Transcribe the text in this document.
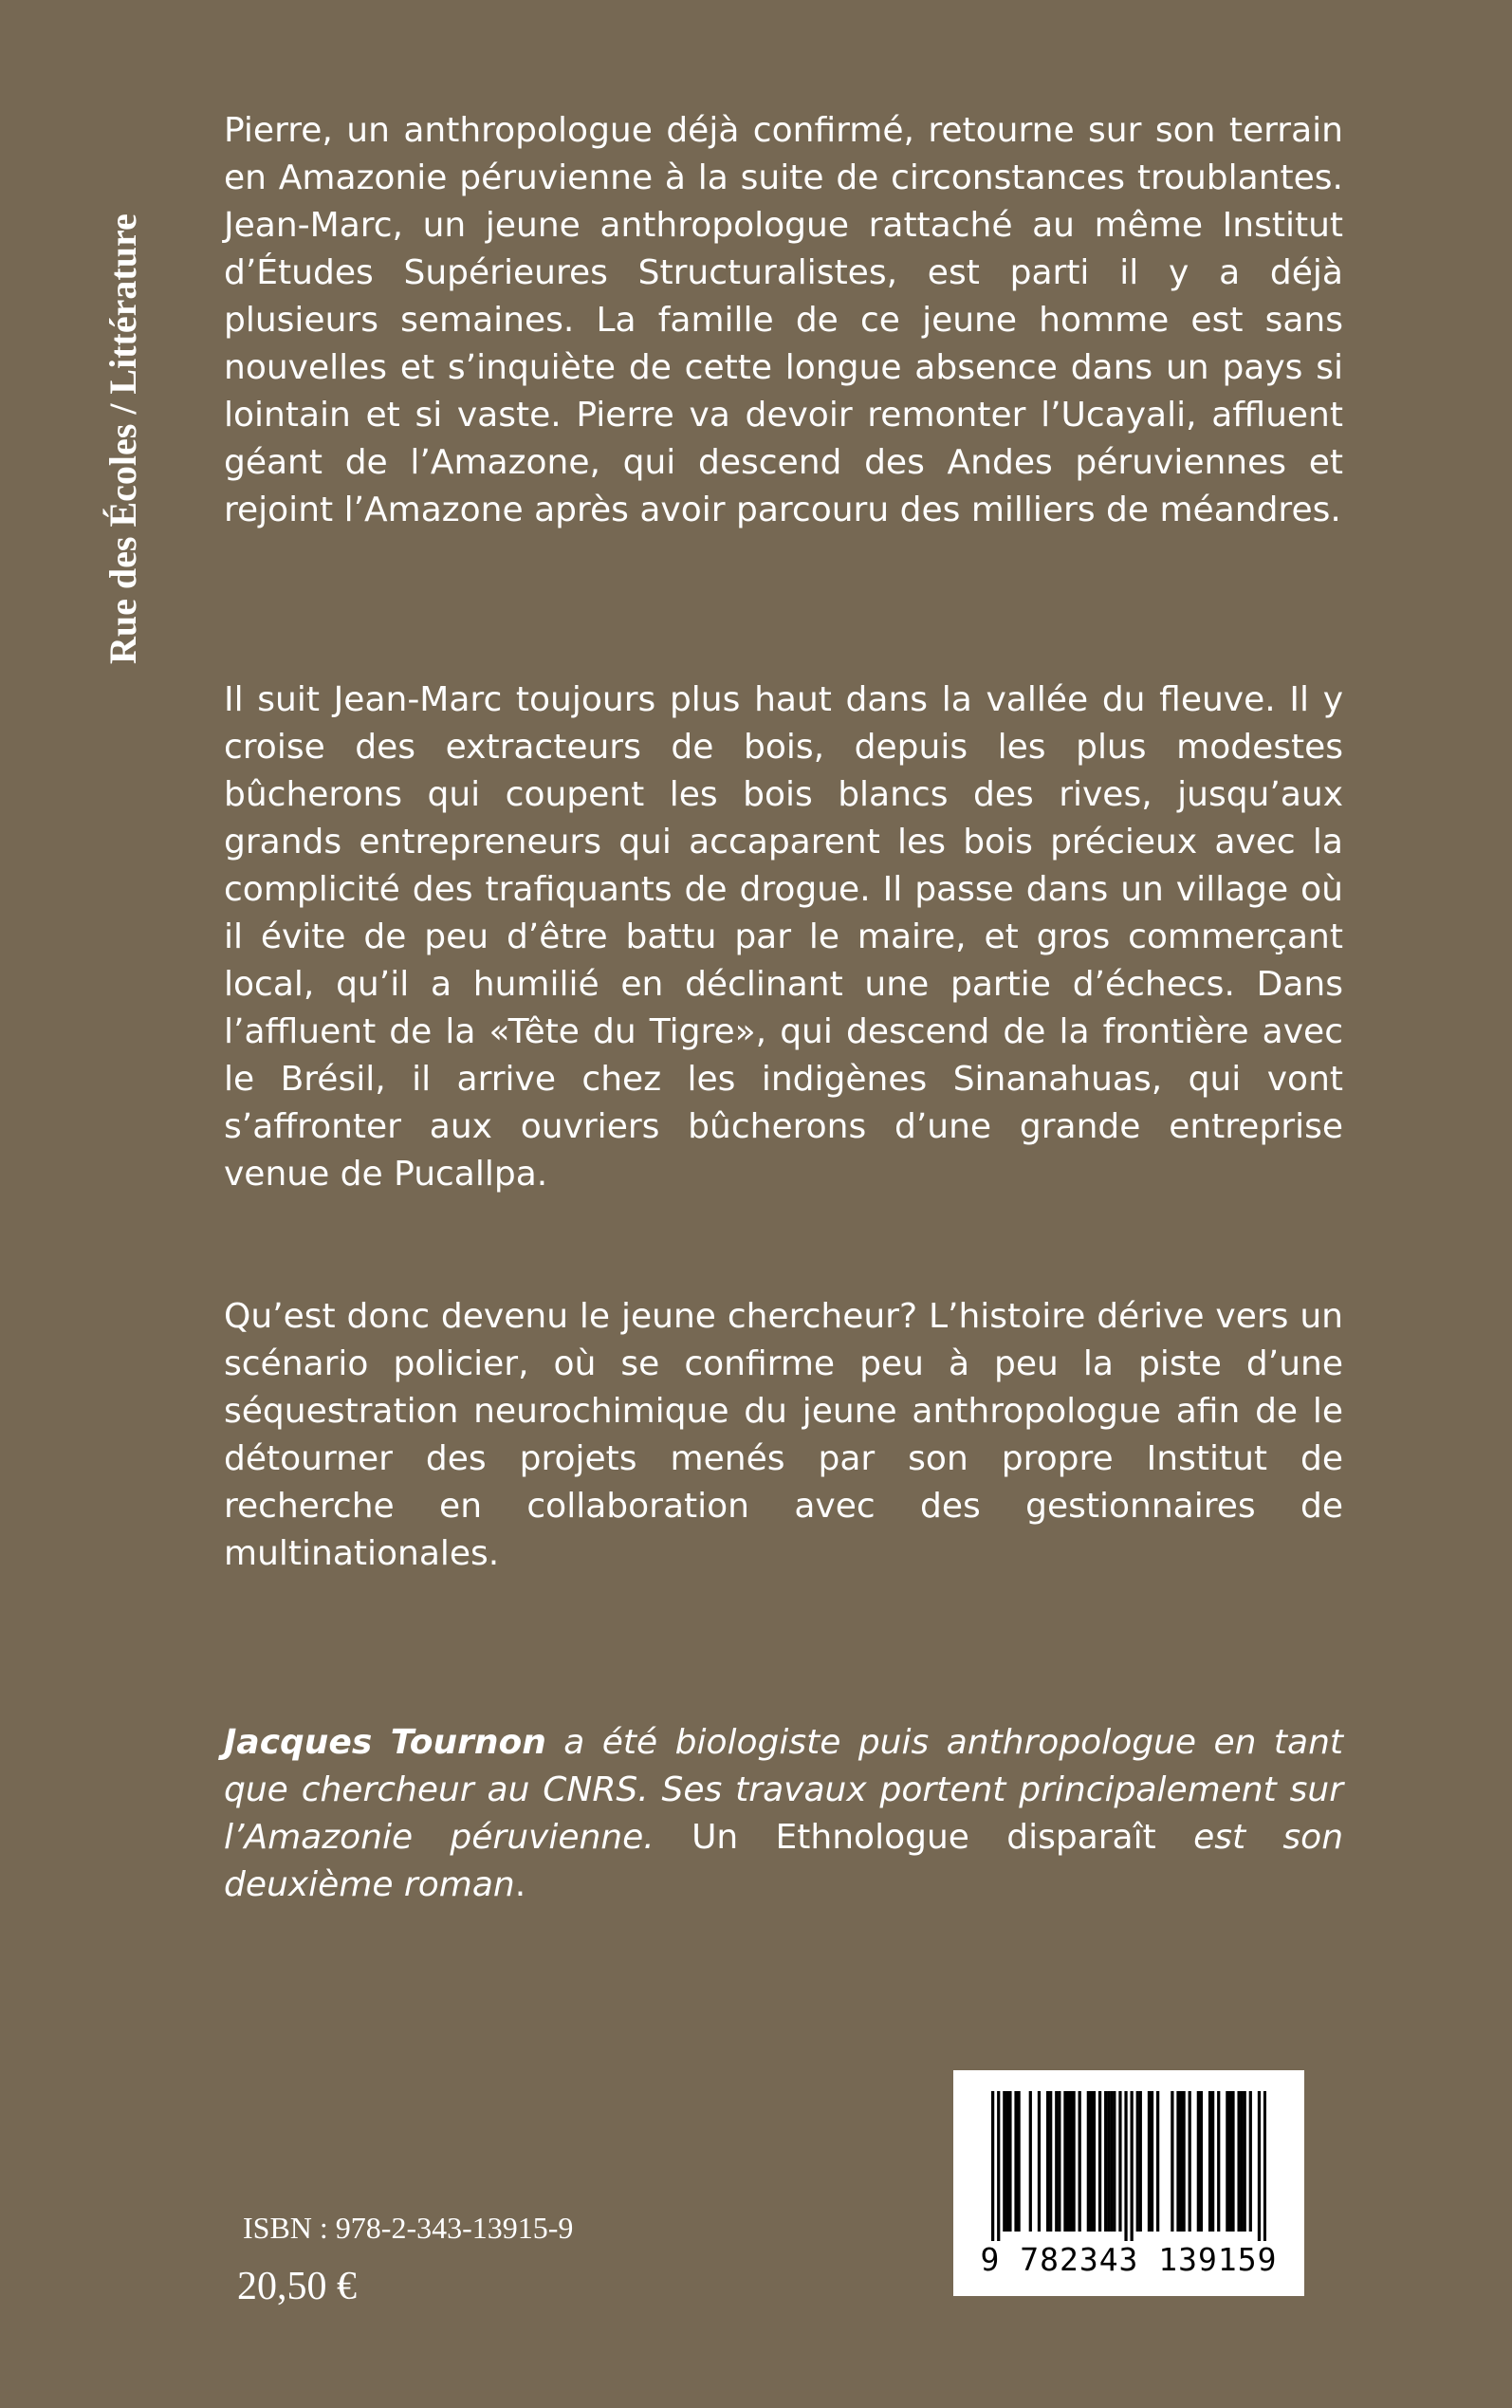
Rue des Écoles / Littérature

Pierre, un anthropologue déjà confirmé, retourne sur son terrain en Amazonie péruvienne à la suite de circonstances troublantes. Jean-Marc, un jeune anthropologue rattaché au même Institut d’Études Supérieures Structuralistes, est parti il y a déjà plusieurs semaines. La famille de ce jeune homme est sans nouvelles et s’inquiète de cette longue absence dans un pays si lointain et si vaste. Pierre va devoir remonter l’Ucayali, affluent géant de l’Amazone, qui descend des Andes péruviennes et rejoint l’Amazone après avoir parcouru des milliers de méandres.

Il suit Jean-Marc toujours plus haut dans la vallée du fleuve. Il y croise des extracteurs de bois, depuis les plus modestes bûcherons qui coupent les bois blancs des rives, jusqu’aux grands entrepreneurs qui accaparent les bois précieux avec la complicité des trafiquants de drogue. Il passe dans un village où il évite de peu d’être battu par le maire, et gros commerçant local, qu’il a humilié en déclinant une partie d’échecs. Dans l’affluent de la «Tête du Tigre», qui descend de la frontière avec le Brésil, il arrive chez les indigènes Sinanahuas, qui vont s’affronter aux ouvriers bûcherons d’une grande entreprise venue de Pucallpa.

Qu’est donc devenu le jeune chercheur? L’histoire dérive vers un scénario policier, où se confirme peu à peu la piste d’une séquestration neurochimique du jeune anthropologue afin de le détourner des projets menés par son propre Institut de recherche en collaboration avec des gestionnaires de multinationales.

Jacques Tournon a été biologiste puis anthropologue en tant que chercheur au CNRS. Ses travaux portent principalement sur l’Amazonie péruvienne. Un Ethnologue disparaît est son deuxième roman.

9 782343 139159
ISBN : 978-2-343-13915-9
20,50 €
